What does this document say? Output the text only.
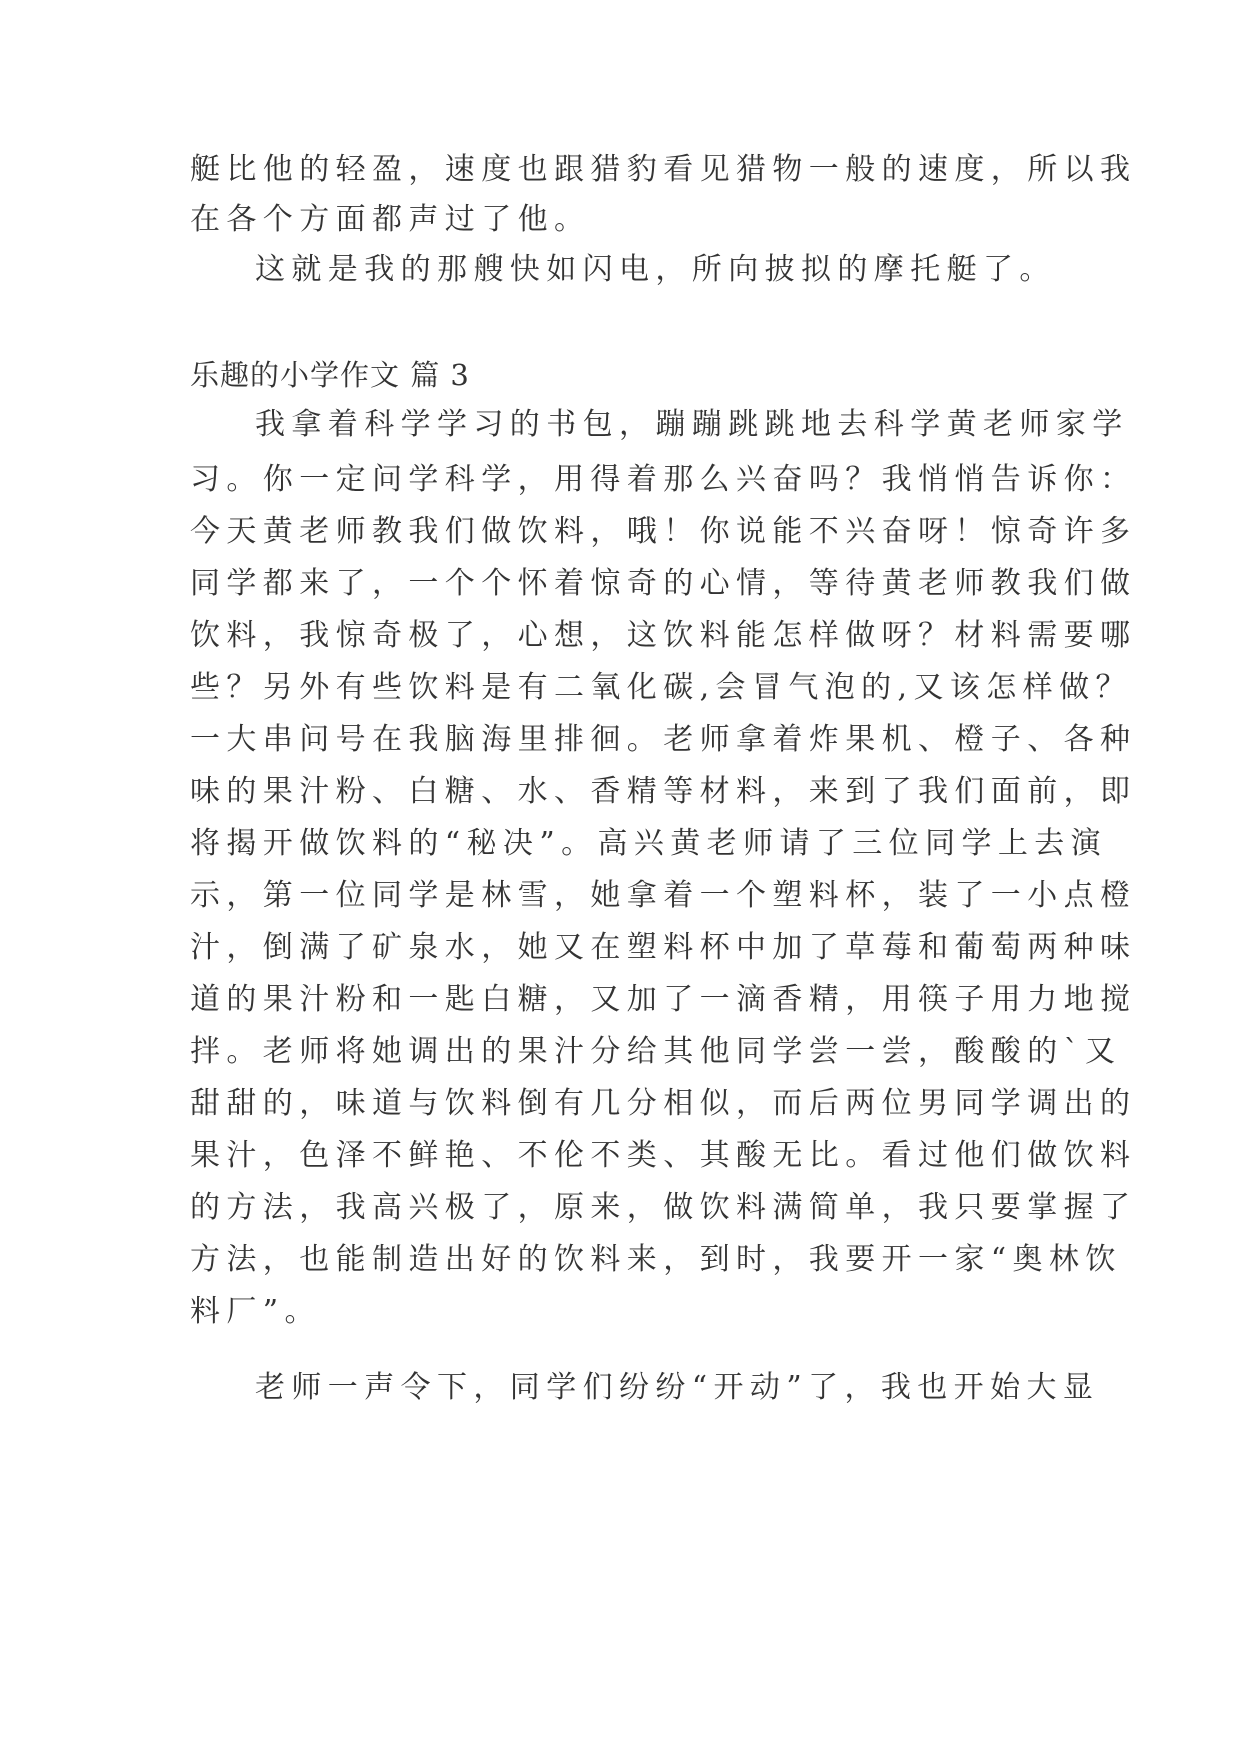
艇比他的轻盈，速度也跟猎豹看见猎物一般的速度，所以我
在各个方面都声过了他。
这就是我的那艘快如闪电，所向披拟的摩托艇了。
乐趣的小学作文 篇 3
我拿着科学学习的书包，蹦蹦跳跳地去科学黄老师家学
习。你一定问学科学，用得着那么兴奋吗？我悄悄告诉你：
今天黄老师教我们做饮料，哦！你说能不兴奋呀！惊奇许多
同学都来了，一个个怀着惊奇的心情，等待黄老师教我们做
饮料，我惊奇极了，心想，这饮料能怎样做呀？材料需要哪
些？另外有些饮料是有二氧化碳,会冒气泡的,又该怎样做？
一大串问号在我脑海里排徊。老师拿着炸果机、橙子、各种
味的果汁粉、白糖、水、香精等材料，来到了我们面前，即
将揭开做饮料的“秘决”。高兴黄老师请了三位同学上去演
示，第一位同学是林雪，她拿着一个塑料杯，装了一小点橙
汁，倒满了矿泉水，她又在塑料杯中加了草莓和葡萄两种味
道的果汁粉和一匙白糖，又加了一滴香精，用筷子用力地搅
拌。老师将她调出的果汁分给其他同学尝一尝，酸酸的`又
甜甜的，味道与饮料倒有几分相似，而后两位男同学调出的
果汁，色泽不鲜艳、不伦不类、其酸无比。看过他们做饮料
的方法，我高兴极了，原来，做饮料满简单，我只要掌握了
方法，也能制造出好的饮料来，到时，我要开一家“奥林饮
料厂”。
老师一声令下，同学们纷纷“开动”了，我也开始大显
